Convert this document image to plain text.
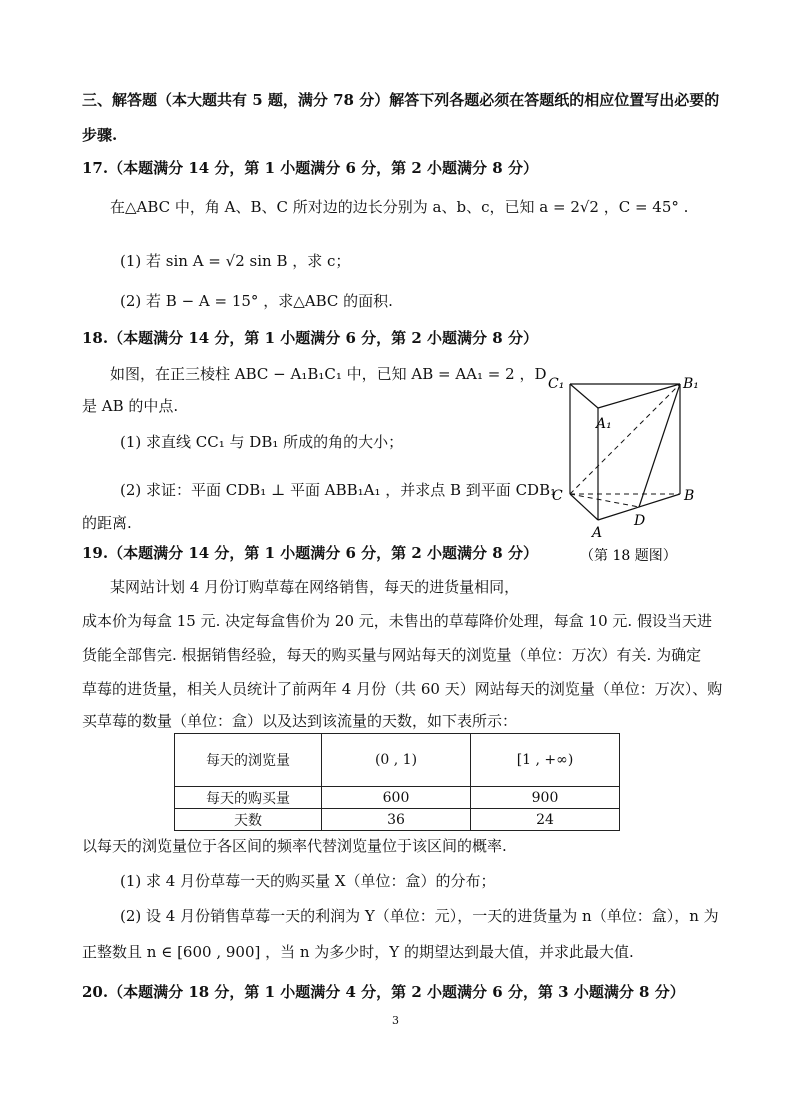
三、解答题（本大题共有 5 题，满分 78 分）解答下列各题必须在答题纸的相应位置写出必要的
步骤.
17.（本题满分 14 分，第 1 小题满分 6 分，第 2 小题满分 8 分）
在△ABC 中，角 A、B、C 所对边的边长分别为 a、b、c，已知 a = 2√2 ，C = 45° .
(1) 若 sin A = √2 sin B ，求 c；
(2) 若 B − A = 15° ，求△ABC 的面积.
18.（本题满分 14 分，第 1 小题满分 6 分，第 2 小题满分 8 分）
如图，在正三棱柱 ABC − A₁B₁C₁ 中，已知 AB = AA₁ = 2 ，D
是 AB 的中点.
(1) 求直线 CC₁ 与 DB₁ 所成的角的大小；
(2) 求证：平面 CDB₁ ⊥ 平面 ABB₁A₁ ，并求点 B 到平面 CDB₁
的距离.
C₁	B₁
A₁
C	B
A
D
（第 18 题图）
19.（本题满分 14 分，第 1 小题满分 6 分，第 2 小题满分 8 分）
某网站计划 4 月份订购草莓在网络销售，每天的进货量相同，
成本价为每盒 15 元. 决定每盒售价为 20 元，未售出的草莓降价处理，每盒 10 元. 假设当天进
货能全部售完. 根据销售经验，每天的购买量与网站每天的浏览量（单位：万次）有关. 为确定
草莓的进货量，相关人员统计了前两年 4 月份（共 60 天）网站每天的浏览量（单位：万次）、购
买草莓的数量（单位：盒）以及达到该流量的天数，如下表所示：
每天的浏览量	(0 , 1)	[1 , +∞)
每天的购买量	600	900
天数	36	24
以每天的浏览量位于各区间的频率代替浏览量位于该区间的概率.
(1) 求 4 月份草莓一天的购买量 X（单位：盒）的分布；
(2) 设 4 月份销售草莓一天的利润为 Y（单位：元），一天的进货量为 n（单位：盒），n 为
正整数且 n ∈ [600 , 900] ，当 n 为多少时，Y 的期望达到最大值，并求此最大值.
20.（本题满分 18 分，第 1 小题满分 4 分，第 2 小题满分 6 分，第 3 小题满分 8 分）
3
